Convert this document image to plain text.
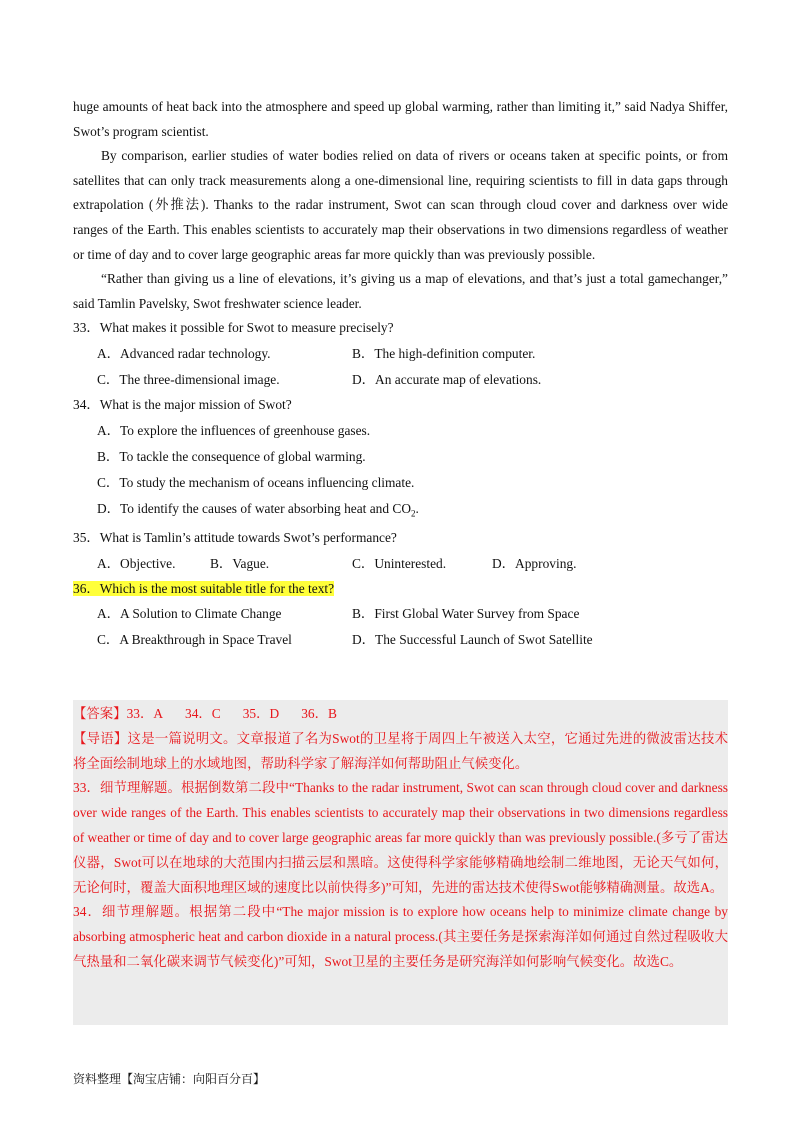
huge amounts of heat back into the atmosphere and speed up global warming, rather than limiting it,” said Nadya Shiffer, Swot’s program scientist.

By comparison, earlier studies of water bodies relied on data of rivers or oceans taken at specific points, or from satellites that can only track measurements along a one-dimensional line, requiring scientists to fill in data gaps through extrapolation (外推法). Thanks to the radar instrument, Swot can scan through cloud cover and darkness over wide ranges of the Earth. This enables scientists to accurately map their observations in two dimensions regardless of weather or time of day and to cover large geographic areas far more quickly than was previously possible.

“Rather than giving us a line of elevations, it’s giving us a map of elevations, and that’s just a total gamechanger,” said Tamlin Pavelsky, Swot freshwater science leader.

33．What makes it possible for Swot to measure precisely?

A．Advanced radar technology.	B．The high-definition computer.
C．The three-dimensional image.	D．An accurate map of elevations.

34．What is the major mission of Swot?

A．To explore the influences of greenhouse gases.
B．To tackle the consequence of global warming.
C．To study the mechanism of oceans influencing climate.
D．To identify the causes of water absorbing heat and $CO_2$.

35．What is Tamlin’s attitude towards Swot’s performance?

A．Objective.	B．Vague.	C．Uninterested.	D．Approving.

36．Which is the most suitable title for the text?

A．A Solution to Climate Change	B．First Global Water Survey from Space
C．A Breakthrough in Space Travel	D．The Successful Launch of Swot Satellite

【答案】33．A 34．C 35．D 36．B

【导语】这是一篇说明文。文章报道了名为Swot的卫星将于周四上午被送入太空，它通过先进的微波雷达技术将全面绘制地球上的水域地图，帮助科学家了解海洋如何帮助阻止气候变化。

33．细节理解题。根据倒数第二段中“Thanks to the radar instrument, Swot can scan through cloud cover and darkness over wide ranges of the Earth. This enables scientists to accurately map their observations in two dimensions regardless of weather or time of day and to cover large geographic areas far more quickly than was previously possible.(多亏了雷达仪器，Swot可以在地球的大范围内扫描云层和黑暗。这使得科学家能够精确地绘制二维地图，无论天气如何，无论何时，覆盖大面积地理区域的速度比以前快得多)”可知，先进的雷达技术使得Swot能够精确测量。故选A。

34．细节理解题。根据第二段中“The major mission is to explore how oceans help to minimize climate change by absorbing atmospheric heat and carbon dioxide in a natural process.(其主要任务是探索海洋如何通过自然过程吸收大气热量和二氧化碳来调节气候变化)”可知，Swot卫星的主要任务是研究海洋如何影响气候变化。故选C。

资料整理【淘宝店铺：向阳百分百】
